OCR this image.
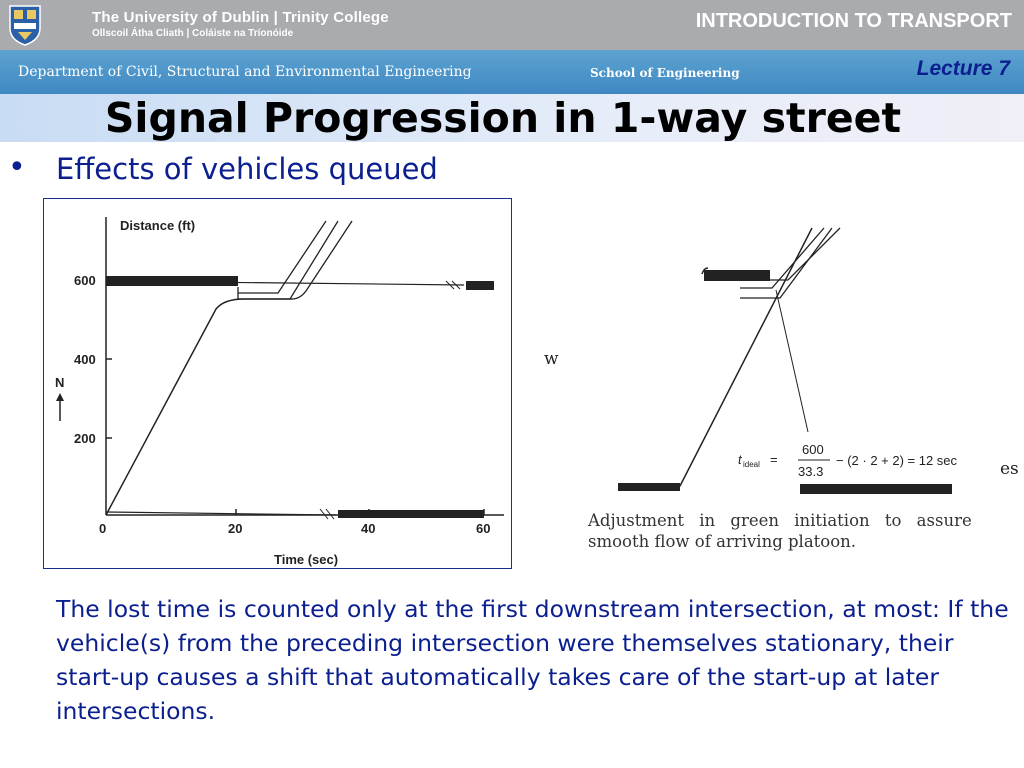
The University of Dublin | Trinity College
Ollscoil Átha Cliath | Coláiste na Tríonóide
INTRODUCTION TO TRANSPORT
Department of Civil, Structural and Environmental Engineering	School of Engineering	Lecture 7
Signal Progression in 1-way street
• Effects of vehicles queued
Distance (ft)
Time (sec)
600
400
200
N
0	20	40	60
w
es
t ideal =
600
33.3
− (2 · 2 + 2) = 12 sec
Adjustment in green initiation to assure
smooth flow of arriving platoon.
The lost time is counted only at the first downstream intersection, at most: If the vehicle(s) from the preceding intersection were themselves stationary, their start-up causes a shift that automatically takes care of the start-up at later intersections.
